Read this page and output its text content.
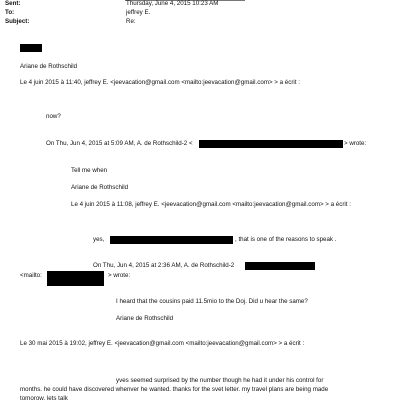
Sent:	Thursday, June 4, 2015 10:23 AM
To:	jeffrey E.
Subject:	Re:
Ariane de Rothschild
Le 4 juin 2015 à 11:40, jeffrey E. <jeevacation@gmail.com <mailto:jeevacation@gmail.com> > a écrit :
now?
On Thu, Jun 4, 2015 at 5:09 AM, A. de Rothschild-2 <	> wrote:
Tell me when
Ariane de Rothschild
Le 4 juin 2015 à 11:08, jeffrey E. <jeevacation@gmail.com <mailto:jeevacation@gmail.com> > a écrit :
yes,	, that is one of the reasons to speak .
On Thu, Jun 4, 2015 at 2:36 AM, A. de Rothschild-2
<mailto:	> wrote:
I heard that the cousins paid 11.5mio to the Doj. Did u hear the same?
Ariane de Rothschild
Le 30 mai 2015 à 19:02, jeffrey E. <jeevacation@gmail.com <mailto:jeevacation@gmail.com> > a écrit :
yves seemed surprised by the number though he had it under his control for
months. he could have discovered whenver he wanted. thanks for the svet letter. my travel plans are being made
tomorow. lets talk
